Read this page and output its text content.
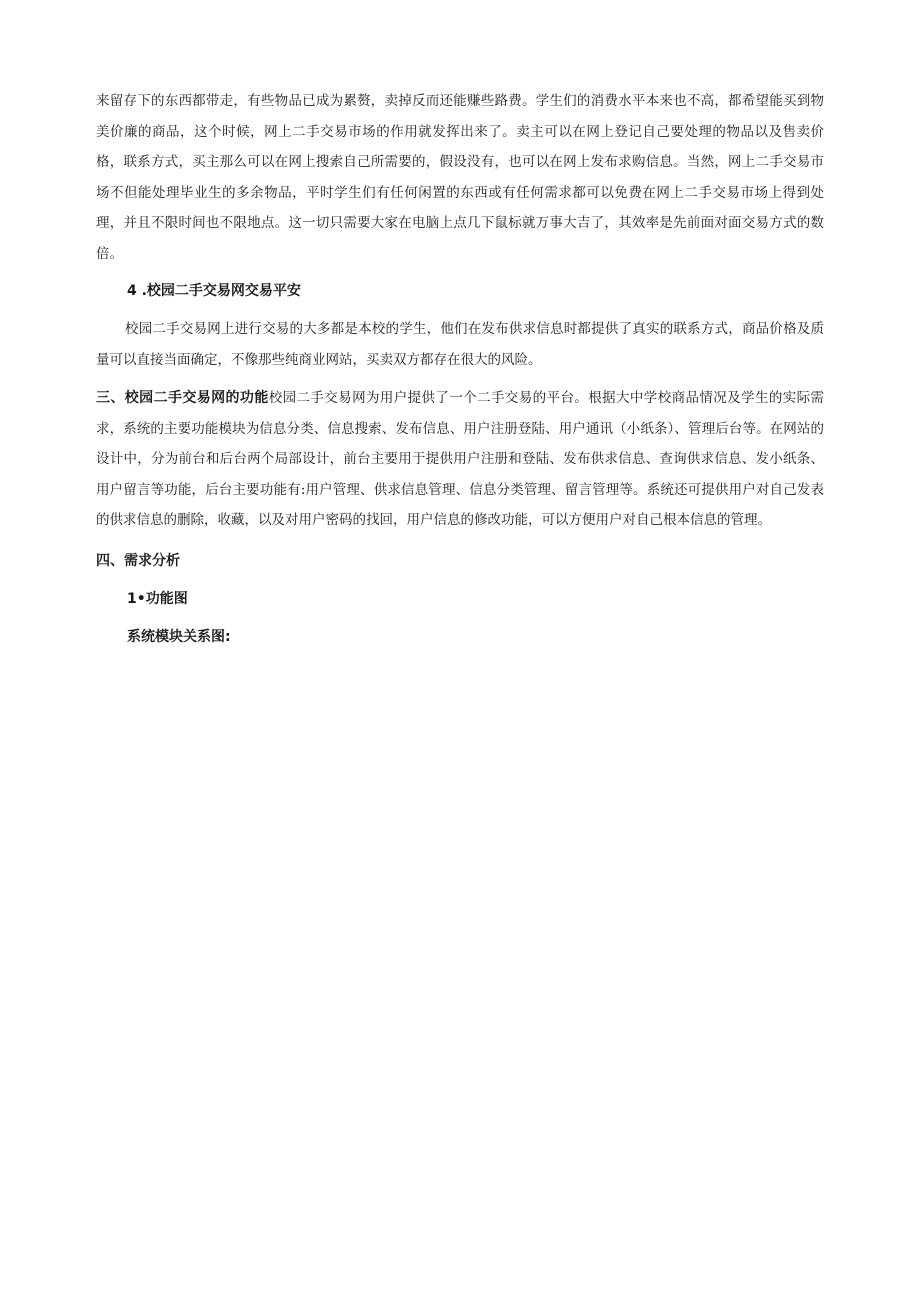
来留存下的东西都带走，有些物品已成为累赘，卖掉反而还能赚些路费。学生们的消费水平本来也不高，都希望能买到物美价廉的商品，这个时候，网上二手交易市场的作用就发挥出来了。卖主可以在网上登记自己要处理的物品以及售卖价格，联系方式，买主那么可以在网上搜索自己所需要的，假设没有，也可以在网上发布求购信息。当然，网上二手交易市场不但能处理毕业生的多余物品，平时学生们有任何闲置的东西或有任何需求都可以免费在网上二手交易市场上得到处理，并且不限时间也不限地点。这一切只需要大家在电脑上点几下鼠标就万事大吉了，其效率是先前面对面交易方式的数倍。

4 .校园二手交易网交易平安

校园二手交易网上进行交易的大多都是本校的学生，他们在发布供求信息时都提供了真实的联系方式，商品价格及质量可以直接当面确定，不像那些纯商业网站，买卖双方都存在很大的风险。

三、校园二手交易网的功能校园二手交易网为用户提供了一个二手交易的平台。根据大中学校商品情况及学生的实际需求，系统的主要功能模块为信息分类、信息搜索、发布信息、用户注册登陆、用户通讯（小纸条）、管理后台等。在网站的设计中，分为前台和后台两个局部设计，前台主要用于提供用户注册和登陆、发布供求信息、查询供求信息、发小纸条、用户留言等功能，后台主要功能有:用户管理、供求信息管理、信息分类管理、留言管理等。系统还可提供用户对自己发表的供求信息的删除，收藏，以及对用户密码的找回，用户信息的修改功能，可以方便用户对自己根本信息的管理。

四、需求分析

1•功能图

系统模块关系图:
